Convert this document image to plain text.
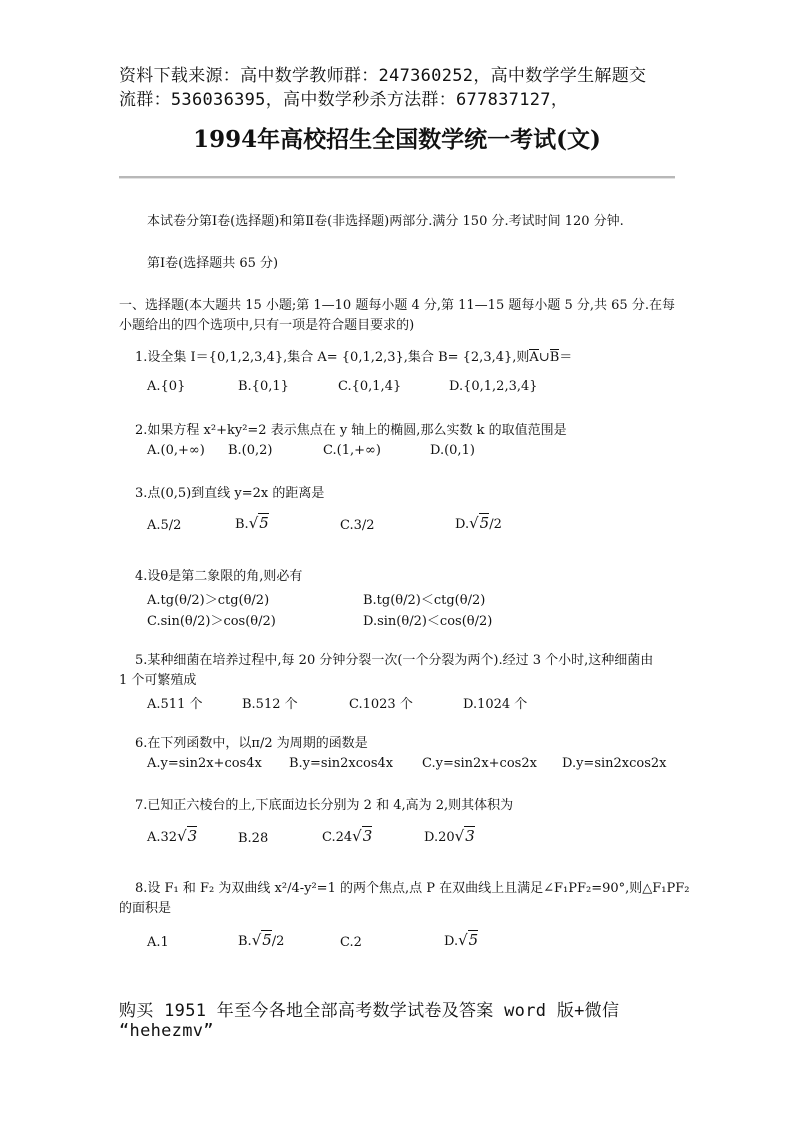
资料下载来源：高中数学教师群：247360252，高中数学学生解题交
流群：536036395，高中数学秒杀方法群：677837127，
1994年高校招生全国数学统一考试(文)
本试卷分第Ⅰ卷(选择题)和第Ⅱ卷(非选择题)两部分.满分 150 分.考试时间 120 分钟.
第Ⅰ卷(选择题共 65 分)
一、选择题(本大题共 15 小题;第 1—10 题每小题 4 分,第 11—15 题每小题 5 分,共 65 分.在每
小题给出的四个选项中,只有一项是符合题目要求的)
1.设全集 I＝{0,1,2,3,4},集合 A= {0,1,2,3},集合 B= {2,3,4},则A∪B＝
A.{0}	B.{0,1}	C.{0,1,4}	D.{0,1,2,3,4}
2.如果方程 x²+ky²=2 表示焦点在 y 轴上的椭圆,那么实数 k 的取值范围是
A.(0,+∞) B.(0,2)	C.(1,+∞)	D.(0,1)
3.点(0,5)到直线 y=2x 的距离是
A.5/2	B.√5	C.3/2	D.√5/2
4.设θ是第二象限的角,则必有
A.tg(θ/2)＞ctg(θ/2)	B.tg(θ/2)＜ctg(θ/2)
C.sin(θ/2)＞cos(θ/2)	D.sin(θ/2)＜cos(θ/2)
5.某种细菌在培养过程中,每 20 分钟分裂一次(一个分裂为两个).经过 3 个小时,这种细菌由
1 个可繁殖成
A.511 个	B.512 个	C.1023 个	D.1024 个
6.在下列函数中，以π/2 为周期的函数是
A.y=sin2x+cos4x B.y=sin2xcos4x C.y=sin2x+cos2x D.y=sin2xcos2x
7.已知正六棱台的上,下底面边长分别为 2 和 4,高为 2,则其体积为
A.32√3	B.28	C.24√3	D.20√3
8.设 F₁ 和 F₂ 为双曲线 x²/4-y²=1 的两个焦点,点 P 在双曲线上且满足∠F₁PF₂=90°,则△F₁PF₂
的面积是
A.1	B.√5/2	C.2	D.√5
购买 1951 年至今各地全部高考数学试卷及答案 word 版+微信
“hehezmv”
